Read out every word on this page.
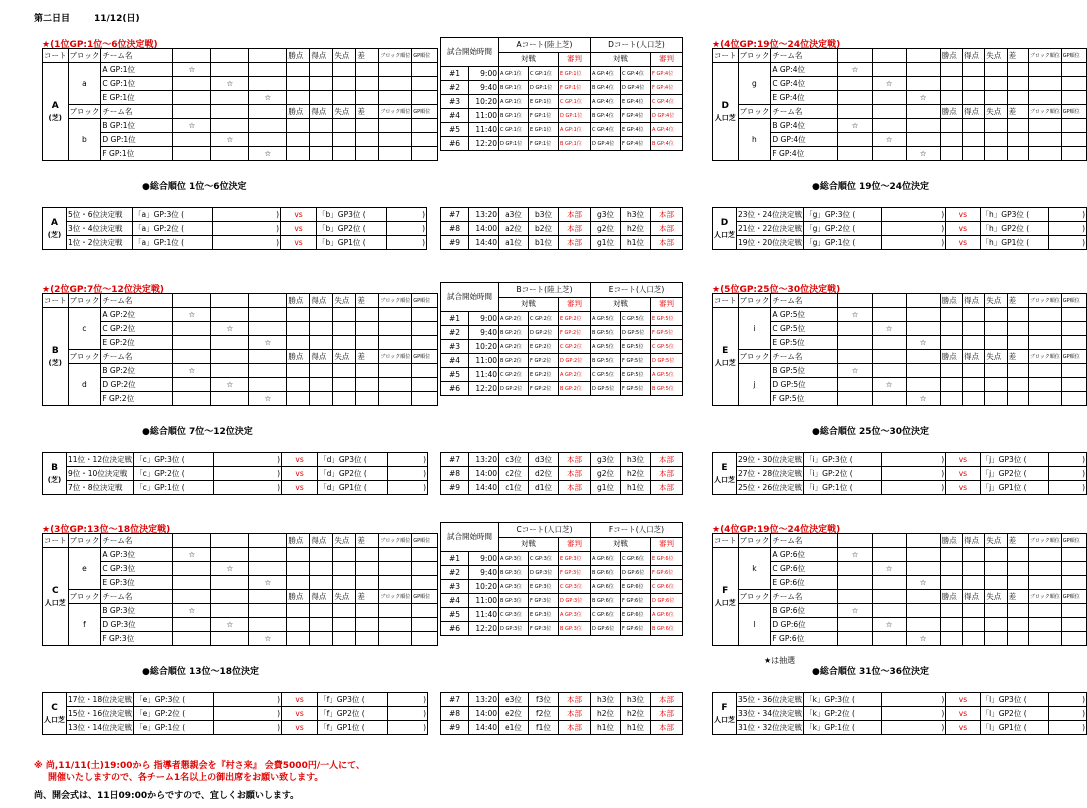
第二日目	11/12(日)
★(1位GP:1位〜6位決定戦)
コート	ブロック	チーム名				勝点	得点	失点	差	ブロック順位	GP順位
A
(芝)	a	A GP:1位	☆								
		C GP:1位		☆							
		E GP:1位			☆						
	ブロック	チーム名				勝点	得点	失点	差	ブロック順位	GP順位
	b	B GP:1位	☆								
		D GP:1位		☆							
		F GP:1位			☆						
●総合順位 1位〜6位決定
A
(芝)	5位・6位決定戦	「a」GP:3位 (	)	vs	「b」GP3位 (	)
	3位・4位決定戦	「a」GP:2位 (	)	vs	「b」GP2位 (	)
	1位・2位決定戦	「a」GP:1位 (	)	vs	「b」GP1位 (	)
★(4位GP:19位〜24位決定戦)
コート	ブロック	チーム名				勝点	得点	失点	差	ブロック順位	GP順位
D
人口芝	g	A GP:4位	☆								
		C GP:4位		☆							
		E GP:4位			☆						
	ブロック	チーム名				勝点	得点	失点	差	ブロック順位	GP順位
	h	B GP:4位	☆								
		D GP:4位		☆							
		F GP:4位			☆						
●総合順位 19位〜24位決定
D
人口芝	23位・24位決定戦	「g」GP:3位 (	)	vs	「h」GP3位 (	)
	21位・22位決定戦	「g」GP:2位 (	)	vs	「h」GP2位 (	)
	19位・20位決定戦	「g」GP:1位 (	)	vs	「h」GP1位 (	)
試合開始時間		Aコート(陸上芝)			Dコート(人口芝)		
		対戦		審判	対戦		審判
#1	9:00	A GP:1位	C GP:1位	E GP:1位	A GP:4位	C GP:4位	F GP:4位
#2	9:40	B GP:1位	D GP:1位	F GP:1位	B GP:4位	D GP:4位	F GP:4位
#3	10:20	A GP:1位	E GP:1位	C GP:1位	A GP:4位	E GP:4位	C GP:4位
#4	11:00	B GP:1位	F GP:1位	D GP:1位	B GP:4位	F GP:4位	D GP:4位
#5	11:40	C GP:1位	E GP:1位	A GP:1位	C GP:4位	E GP:4位	A GP:4位
#6	12:20	D GP:1位	F GP:1位	B GP:1位	D GP:4位	F GP:4位	B GP:4位
#7	13:20	a3位	b3位	本部	g3位	h3位	本部
#8	14:00	a2位	b2位	本部	g2位	h2位	本部
#9	14:40	a1位	b1位	本部	g1位	h1位	本部
★(2位GP:7位〜12位決定戦)
コート	ブロック	チーム名				勝点	得点	失点	差	ブロック順位	GP順位
B
(芝)	c	A GP:2位	☆								
		C GP:2位		☆							
		E GP:2位			☆						
	ブロック	チーム名				勝点	得点	失点	差	ブロック順位	GP順位
	d	B GP:2位	☆								
		D GP:2位		☆							
		F GP:2位			☆						
●総合順位 7位〜12位決定
B
(芝)	11位・12位決定戦	「c」GP:3位 (	)	vs	「d」GP3位 (	)
	9位・10位決定戦	「c」GP:2位 (	)	vs	「d」GP2位 (	)
	7位・8位決定戦	「c」GP:1位 (	)	vs	「d」GP1位 (	)
★(5位GP:25位〜30位決定戦)
コート	ブロック	チーム名				勝点	得点	失点	差	ブロック順位	GP順位
E
人口芝	i	A GP:5位	☆								
		C GP:5位		☆							
		E GP:5位			☆						
	ブロック	チーム名				勝点	得点	失点	差	ブロック順位	GP順位
	j	B GP:5位	☆								
		D GP:5位		☆							
		F GP:5位			☆						
●総合順位 25位〜30位決定
E
人口芝	29位・30位決定戦	「i」GP:3位 (	)	vs	「j」GP3位 (	)
	27位・28位決定戦	「i」GP:2位 (	)	vs	「j」GP2位 (	)
	25位・26位決定戦	「i」GP:1位 (	)	vs	「j」GP1位 (	)
試合開始時間		Bコート(陸上芝)			Eコート(人口芝)		
		対戦		審判	対戦		審判
#1	9:00	A GP:2位	C GP:2位	E GP:2位	A GP:5位	C GP:5位	E GP:5位
#2	9:40	B GP:2位	D GP:2位	F GP:2位	B GP:5位	D GP:5位	F GP:5位
#3	10:20	A GP:2位	E GP:2位	C GP:2位	A GP:5位	E GP:5位	C GP:5位
#4	11:00	B GP:2位	F GP:2位	D GP:2位	B GP:5位	F GP:5位	D GP:5位
#5	11:40	C GP:2位	E GP:2位	A GP:2位	C GP:5位	E GP:5位	A GP:5位
#6	12:20	D GP:2位	F GP:2位	B GP:2位	D GP:5位	F GP:5位	B GP:5位
#7	13:20	c3位	d3位	本部	g3位	h3位	本部
#8	14:00	c2位	d2位	本部	g2位	h2位	本部
#9	14:40	c1位	d1位	本部	g1位	h1位	本部
★(3位GP:13位〜18位決定戦)
コート	ブロック	チーム名				勝点	得点	失点	差	ブロック順位	GP順位
C
人口芝	e	A GP:3位	☆								
		C GP:3位		☆							
		E GP:3位			☆						
	ブロック	チーム名				勝点	得点	失点	差	ブロック順位	GP順位
	f	B GP:3位	☆								
		D GP:3位		☆							
		F GP:3位			☆						
●総合順位 13位〜18位決定
C
人口芝	17位・18位決定戦	「e」GP:3位 (	)	vs	「f」GP3位 (	)
	15位・16位決定戦	「e」GP:2位 (	)	vs	「f」GP2位 (	)
	13位・14位決定戦	「e」GP:1位 (	)	vs	「f」GP1位 (	)
★(4位GP:19位〜24位決定戦)
コート	ブロック	チーム名				勝点	得点	失点	差	ブロック順位	GP順位
F
人口芝	k	A GP:6位	☆								
		C GP:6位		☆							
		E GP:6位			☆						
	ブロック	チーム名				勝点	得点	失点	差	ブロック順位	GP順位
	l	B GP:6位	☆								
		D GP:6位		☆							
		F GP:6位			☆						
●総合順位 31位〜36位決定
F
人口芝	35位・36位決定戦	「k」GP:3位 (	)	vs	「l」GP3位 (	)
	33位・34位決定戦	「k」GP:2位 (	)	vs	「l」GP2位 (	)
	31位・32位決定戦	「k」GP:1位 (	)	vs	「l」GP1位 (	)
試合開始時間		Cコート(人口芝)			Fコート(人口芝)		
		対戦		審判	対戦		審判
#1	9:00	A GP:3位	C GP:3位	E GP:3位	A GP:6位	C GP:6位	E GP:6位
#2	9:40	B GP:3位	D GP:3位	F GP:3位	B GP:6位	D GP:6位	F GP:6位
#3	10:20	A GP:3位	E GP:3位	C GP:3位	A GP:6位	E GP:6位	C GP:6位
#4	11:00	B GP:3位	F GP:3位	D GP:3位	B GP:6位	F GP:6位	D GP:6位
#5	11:40	C GP:3位	E GP:3位	A GP:3位	C GP:6位	E GP:6位	A GP:6位
#6	12:20	D GP:3位	F GP:3位	B GP:3位	D GP:6位	F GP:6位	B GP:6位
#7	13:20	e3位	f3位	本部	h3位	h3位	本部
#8	14:00	e2位	f2位	本部	h2位	h2位	本部
#9	14:40	e1位	f1位	本部	h1位	h1位	本部
★は抽選
※ 尚,11/11(土)19:00から 指導者懇親会を『村さ来』 会費5000円/一人にて、
開催いたしますので、各チーム1名以上の御出席をお願い致します。
尚、開会式は、11日09:00からですので、宜しくお願いします。
